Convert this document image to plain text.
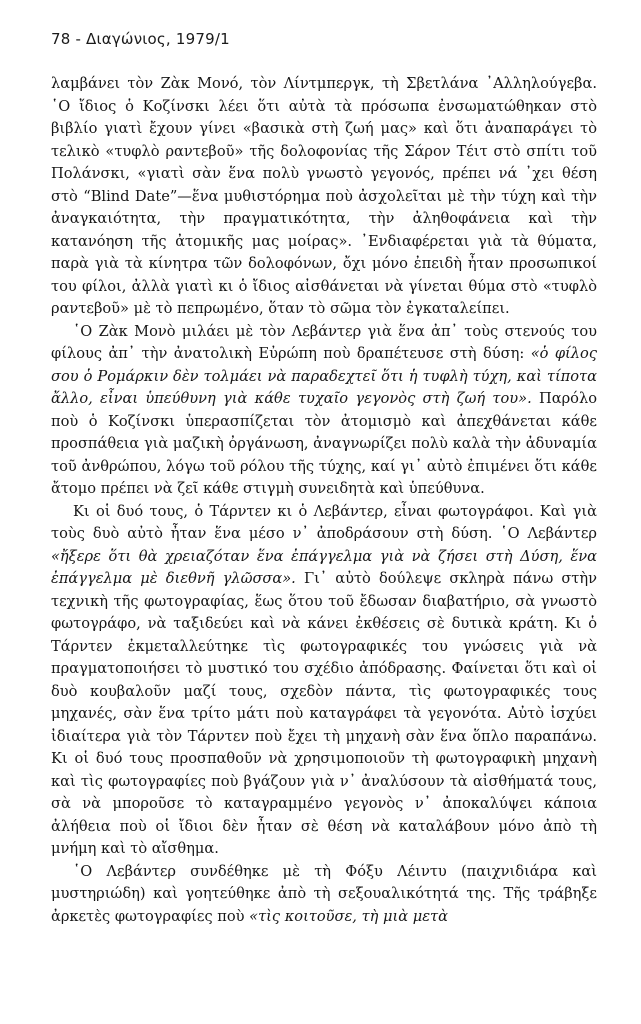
78 - Διαγώνιος, 1979/1

λαμβάνει τὸν Ζὰκ Μονό, τὸν Λίντμπεργκ, τὴ Σβετλάνα ᾿Αλληλούγεβα. ῾Ο ἴδιος ὁ Κοζίνσκι λέει ὅτι αὐτὰ τὰ πρόσωπα ἐνσωματώθηκαν στὸ βιβλίο γιατὶ ἔχουν γίνει «βασικὰ στὴ ζωή μας» καὶ ὅτι ἀναπαράγει τὸ τελικὸ «τυφλὸ ραντεβοῦ» τῆς δολοφονίας τῆς Σάρον Τέιτ στὸ σπίτι τοῦ Πολάνσκι, «γιατὶ σὰν ἕνα πολὺ γνωστὸ γεγονός, πρέπει νά ᾿χει θέση στὸ “Blind Date”—ἕνα μυθιστόρημα ποὺ ἀσχολεῖται μὲ τὴν τύχη καὶ τὴν ἀναγκαιότητα, τὴν πραγματικότητα, τὴν ἀληθοφάνεια καὶ τὴν κατανόηση τῆς ἀτομικῆς μας μοίρας». ᾿Ενδιαφέρεται γιὰ τὰ θύματα, παρὰ γιὰ τὰ κίνητρα τῶν δολοφόνων, ὄχι μόνο ἐπειδὴ ἦταν προσωπικοί του φίλοι, ἀλλὰ γιατὶ κι ὁ ἴδιος αἰσθάνεται νὰ γίνεται θύμα στὸ «τυφλὸ ραντεβοῦ» μὲ τὸ πεπρωμένο, ὅταν τὸ σῶμα τὸν ἐγκαταλείπει.

῾Ο Ζὰκ Μονὸ μιλάει μὲ τὸν Λεβάντερ γιὰ ἕνα ἀπ᾿ τοὺς στενούς του φίλους ἀπ᾿ τὴν ἀνατολικὴ Εὐρώπη ποὺ δραπέτευσε στὴ δύση: «ὁ φίλος σου ὁ Ρομάρκιν δὲν τολμάει νὰ παραδεχτεῖ ὅτι ἡ τυφλὴ τύχη, καὶ τίποτα ἄλλο, εἶναι ὑπεύθυνη γιὰ κάθε τυχαῖο γεγονὸς στὴ ζωή του». Παρόλο ποὺ ὁ Κοζίνσκι ὑπερασπίζεται τὸν ἀτομισμὸ καὶ ἀπεχθάνεται κάθε προσπάθεια γιὰ μαζικὴ ὀργάνωση, ἀναγνωρίζει πολὺ καλὰ τὴν ἀδυναμία τοῦ ἀνθρώπου, λόγω τοῦ ρόλου τῆς τύχης, καί γι᾿ αὐτὸ ἐπιμένει ὅτι κάθε ἄτομο πρέπει νὰ ζεῖ κάθε στιγμὴ συνειδητὰ καὶ ὑπεύθυνα.

Κι οἱ δυό τους, ὁ Τάρντεν κι ὁ Λεβάντερ, εἶναι φωτογράφοι. Καὶ γιὰ τοὺς δυὸ αὐτὸ ἦταν ἕνα μέσο ν᾿ ἀποδράσουν στὴ δύση. ῾Ο Λεβάντερ «ἤξερε ὅτι θὰ χρειαζόταν ἕνα ἐπάγγελμα γιὰ νὰ ζήσει στὴ Δύση, ἕνα ἐπάγγελμα μὲ διεθνῆ γλῶσσα». Γι᾿ αὐτὸ δούλεψε σκληρὰ πάνω στὴν τεχνικὴ τῆς φωτογραφίας, ἕως ὅτου τοῦ ἔδωσαν διαβατήριο, σὰ γνωστὸ φωτογράφο, νὰ ταξιδεύει καὶ νὰ κάνει ἐκθέσεις σὲ δυτικὰ κράτη. Κι ὁ Τάρντεν ἐκμεταλλεύτηκε τὶς φωτογραφικές του γνώσεις γιὰ νὰ πραγματοποιήσει τὸ μυστικό του σχέδιο ἀπόδρασης. Φαίνεται ὅτι καὶ οἱ δυὸ κουβαλοῦν μαζί τους, σχεδὸν πάντα, τὶς φωτογραφικές τους μηχανές, σὰν ἕνα τρίτο μάτι ποὺ καταγράφει τὰ γεγονότα. Αὐτὸ ἰσχύει ἰδιαίτερα γιὰ τὸν Τάρντεν ποὺ ἔχει τὴ μηχανὴ σὰν ἕνα ὅπλο παραπάνω. Κι οἱ δυό τους προσπαθοῦν νὰ χρησιμοποιοῦν τὴ φωτογραφικὴ μηχανὴ καὶ τὶς φωτογραφίες ποὺ βγάζουν γιὰ ν᾿ ἀναλύσουν τὰ αἰσθήματά τους, σὰ νὰ μποροῦσε τὸ καταγραμμένο γεγονὸς ν᾿ ἀποκαλύψει κάποια ἀλήθεια ποὺ οἱ ἴδιοι δὲν ἦταν σὲ θέση νὰ καταλάβουν μόνο ἀπὸ τὴ μνήμη καὶ τὸ αἴσθημα.

῾Ο Λεβάντερ συνδέθηκε μὲ τὴ Φόξυ Λέιντυ (παιχνιδιάρα καὶ μυστηριώδη) καὶ γοητεύθηκε ἀπὸ τὴ σεξουαλικότητά της. Τῆς τράβηξε ἀρκετὲς φωτογραφίες ποὺ «τὶς κοιτοῦσε, τὴ μιὰ μετὰ
